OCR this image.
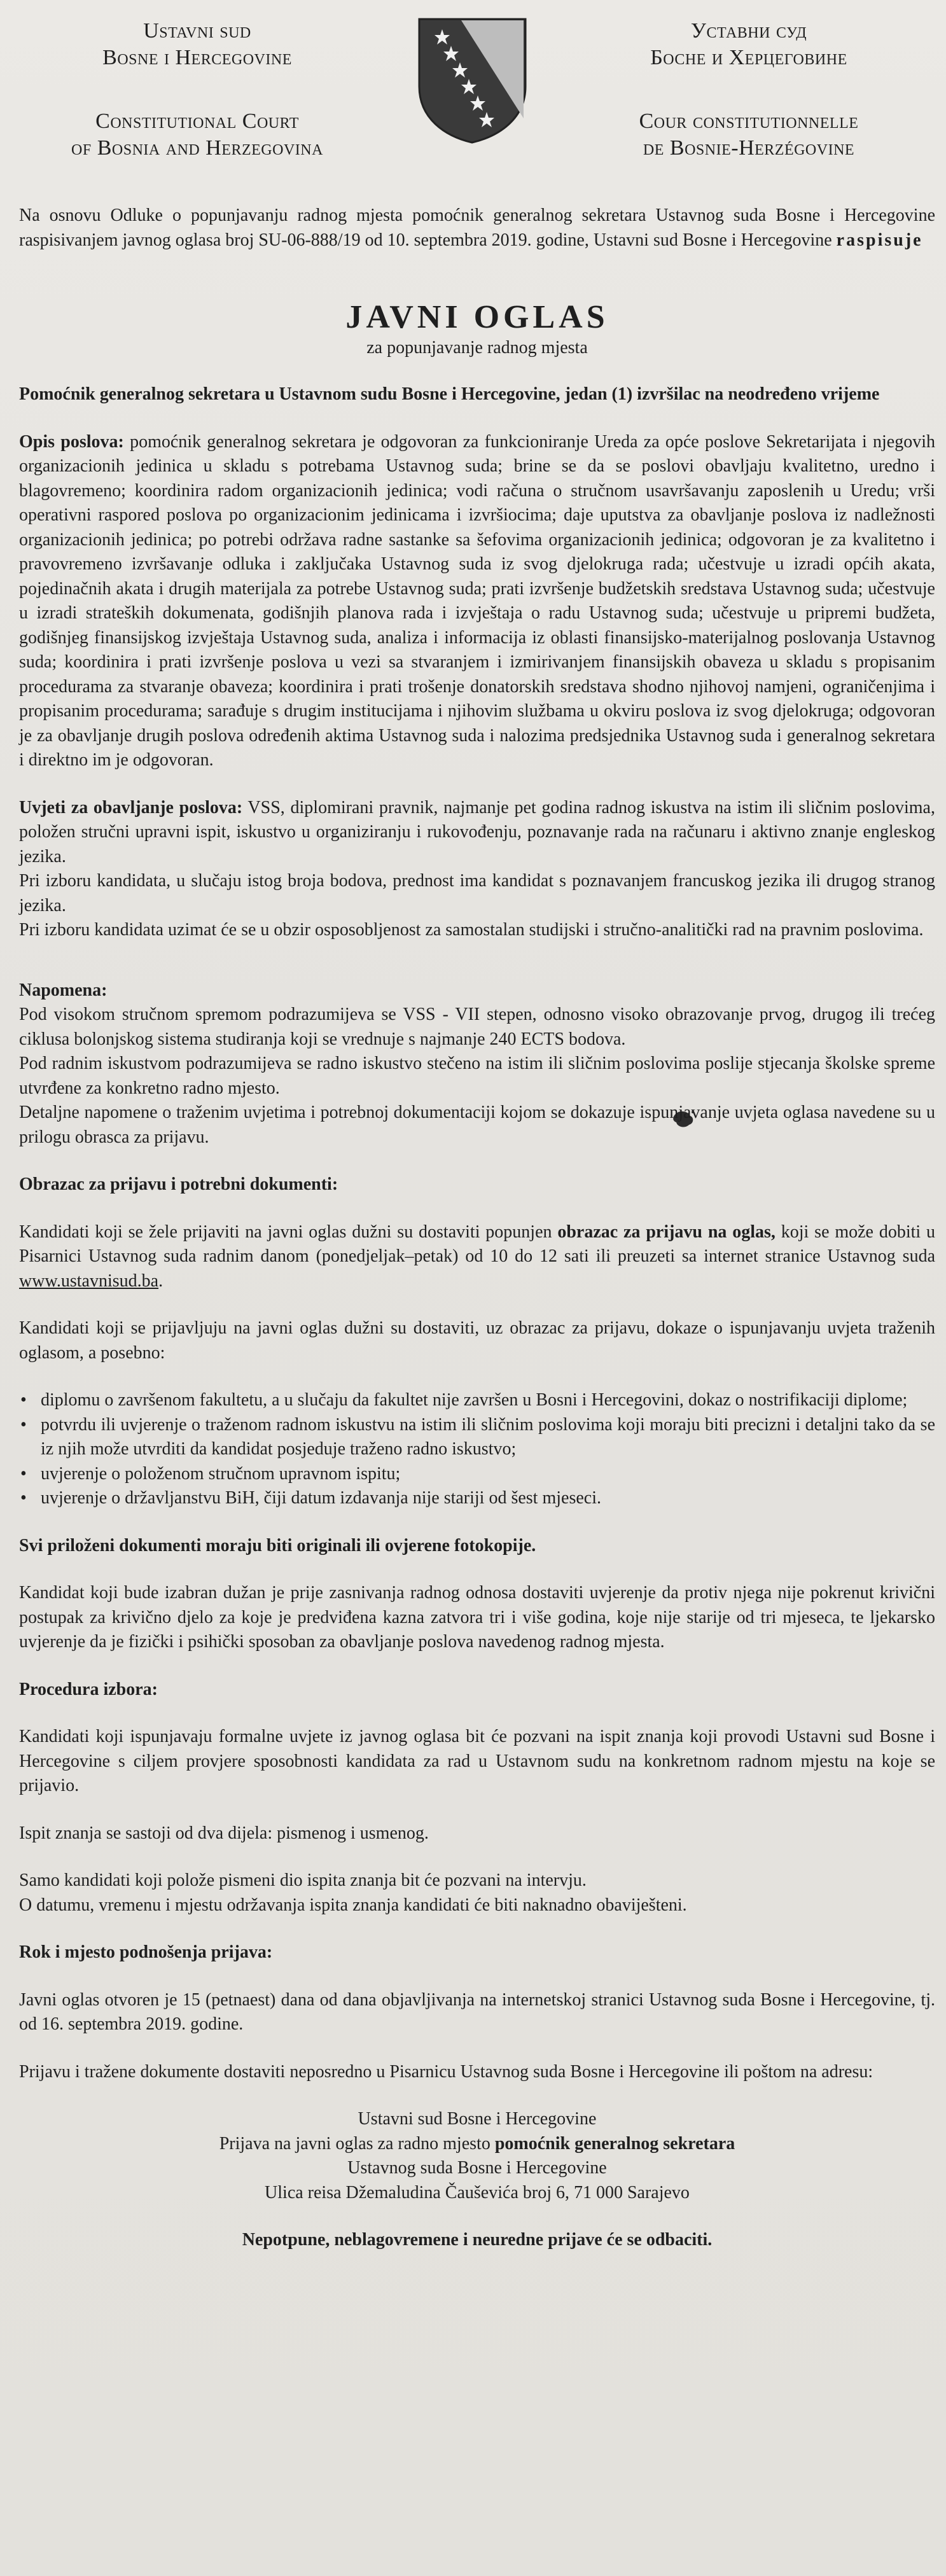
Ustavni sud
Bosne i Hercegovine
Constitutional Court
of Bosnia and Herzegovina
Уставни суд
Босне и Херцеговине
Cour constitutionnelle
de Bosnie-Herzégovine

Na osnovu Odluke o popunjavanju radnog mjesta pomoćnik generalnog sekretara Ustavnog suda Bosne i Hercegovine raspisivanjem javnog oglasa broj SU-06-888/19 od 10. septembra 2019. godine, Ustavni sud Bosne i Hercegovine raspisuje

JAVNI OGLAS

za popunjavanje radnog mjesta

Pomoćnik generalnog sekretara u Ustavnom sudu Bosne i Hercegovine, jedan (1) izvršilac na neodređeno vrijeme

Opis poslova: pomoćnik generalnog sekretara je odgovoran za funkcioniranje Ureda za opće poslove Sekretarijata i njegovih organizacionih jedinica u skladu s potrebama Ustavnog suda; brine se da se poslovi obavljaju kvalitetno, uredno i blagovremeno; koordinira radom organizacionih jedinica; vodi računa o stručnom usavršavanju zaposlenih u Uredu; vrši operativni raspored poslova po organizacionim jedinicama i izvršiocima; daje uputstva za obavljanje poslova iz nadležnosti organizacionih jedinica; po potrebi održava radne sastanke sa šefovima organizacionih jedinica; odgovoran je za kvalitetno i pravovremeno izvršavanje odluka i zaključaka Ustavnog suda iz svog djelokruga rada; učestvuje u izradi općih akata, pojedinačnih akata i drugih materijala za potrebe Ustavnog suda; prati izvršenje budžetskih sredstava Ustavnog suda; učestvuje u izradi strateških dokumenata, godišnjih planova rada i izvještaja o radu Ustavnog suda; učestvuje u pripremi budžeta, godišnjeg finansijskog izvještaja Ustavnog suda, analiza i informacija iz oblasti finansijsko-materijalnog poslovanja Ustavnog suda; koordinira i prati izvršenje poslova u vezi sa stvaranjem i izmirivanjem finansijskih obaveza u skladu s propisanim procedurama za stvaranje obaveza; koordinira i prati trošenje donatorskih sredstava shodno njihovoj namjeni, ograničenjima i propisanim procedurama; sarađuje s drugim institucijama i njihovim službama u okviru poslova iz svog djelokruga; odgovoran je za obavljanje drugih poslova određenih aktima Ustavnog suda i nalozima predsjednika Ustavnog suda i generalnog sekretara i direktno im je odgovoran.

Uvjeti za obavljanje poslova: VSS, diplomirani pravnik, najmanje pet godina radnog iskustva na istim ili sličnim poslovima, položen stručni upravni ispit, iskustvo u organiziranju i rukovođenju, poznavanje rada na računaru i aktivno znanje engleskog jezika.

Pri izboru kandidata, u slučaju istog broja bodova, prednost ima kandidat s poznavanjem francuskog jezika ili drugog stranog jezika.

Pri izboru kandidata uzimat će se u obzir osposobljenost za samostalan studijski i stručno-analitički rad na pravnim poslovima.

Napomena:

Pod visokom stručnom spremom podrazumijeva se VSS - VII stepen, odnosno visoko obrazovanje prvog, drugog ili trećeg ciklusa bolonjskog sistema studiranja koji se vrednuje s najmanje 240 ECTS bodova.

Pod radnim iskustvom podrazumijeva se radno iskustvo stečeno na istim ili sličnim poslovima poslije stjecanja školske spreme utvrđene za konkretno radno mjesto.

Detaljne napomene o traženim uvjetima i potrebnoj dokumentaciji kojom se dokazuje ispunjavanje uvjeta oglasa navedene su u prilogu obrasca za prijavu.

Obrazac za prijavu i potrebni dokumenti:

Kandidati koji se žele prijaviti na javni oglas dužni su dostaviti popunjen obrazac za prijavu na oglas, koji se može dobiti u Pisarnici Ustavnog suda radnim danom (ponedjeljak–petak) od 10 do 12 sati ili preuzeti sa internet stranice Ustavnog suda www.ustavnisud.ba.

Kandidati koji se prijavljuju na javni oglas dužni su dostaviti, uz obrazac za prijavu, dokaze o ispunjavanju uvjeta traženih oglasom, a posebno:

• diplomu o završenom fakultetu, a u slučaju da fakultet nije završen u Bosni i Hercegovini, dokaz o nostrifikaciji diplome;
• potvrdu ili uvjerenje o traženom radnom iskustvu na istim ili sličnim poslovima koji moraju biti precizni i detaljni tako da se iz njih može utvrditi da kandidat posjeduje traženo radno iskustvo;
• uvjerenje o položenom stručnom upravnom ispitu;
• uvjerenje o državljanstvu BiH, čiji datum izdavanja nije stariji od šest mjeseci.

Svi priloženi dokumenti moraju biti originali ili ovjerene fotokopije.

Kandidat koji bude izabran dužan je prije zasnivanja radnog odnosa dostaviti uvjerenje da protiv njega nije pokrenut krivični postupak za krivično djelo za koje je predviđena kazna zatvora tri i više godina, koje nije starije od tri mjeseca, te ljekarsko uvjerenje da je fizički i psihički sposoban za obavljanje poslova navedenog radnog mjesta.

Procedura izbora:

Kandidati koji ispunjavaju formalne uvjete iz javnog oglasa bit će pozvani na ispit znanja koji provodi Ustavni sud Bosne i Hercegovine s ciljem provjere sposobnosti kandidata za rad u Ustavnom sudu na konkretnom radnom mjestu na koje se prijavio.

Ispit znanja se sastoji od dva dijela: pismenog i usmenog.

Samo kandidati koji polože pismeni dio ispita znanja bit će pozvani na intervju.

O datumu, vremenu i mjestu održavanja ispita znanja kandidati će biti naknadno obaviješteni.

Rok i mjesto podnošenja prijava:

Javni oglas otvoren je 15 (petnaest) dana od dana objavljivanja na internetskoj stranici Ustavnog suda Bosne i Hercegovine, tj. od 16. septembra 2019. godine.

Prijavu i tražene dokumente dostaviti neposredno u Pisarnicu Ustavnog suda Bosne i Hercegovine ili poštom na adresu:

Ustavni sud Bosne i Hercegovine

Prijava na javni oglas za radno mjesto pomoćnik generalnog sekretara

Ustavnog suda Bosne i Hercegovine

Ulica reisa Džemaludina Čauševića broj 6, 71 000 Sarajevo

Nepotpune, neblagovremene i neuredne prijave će se odbaciti.
